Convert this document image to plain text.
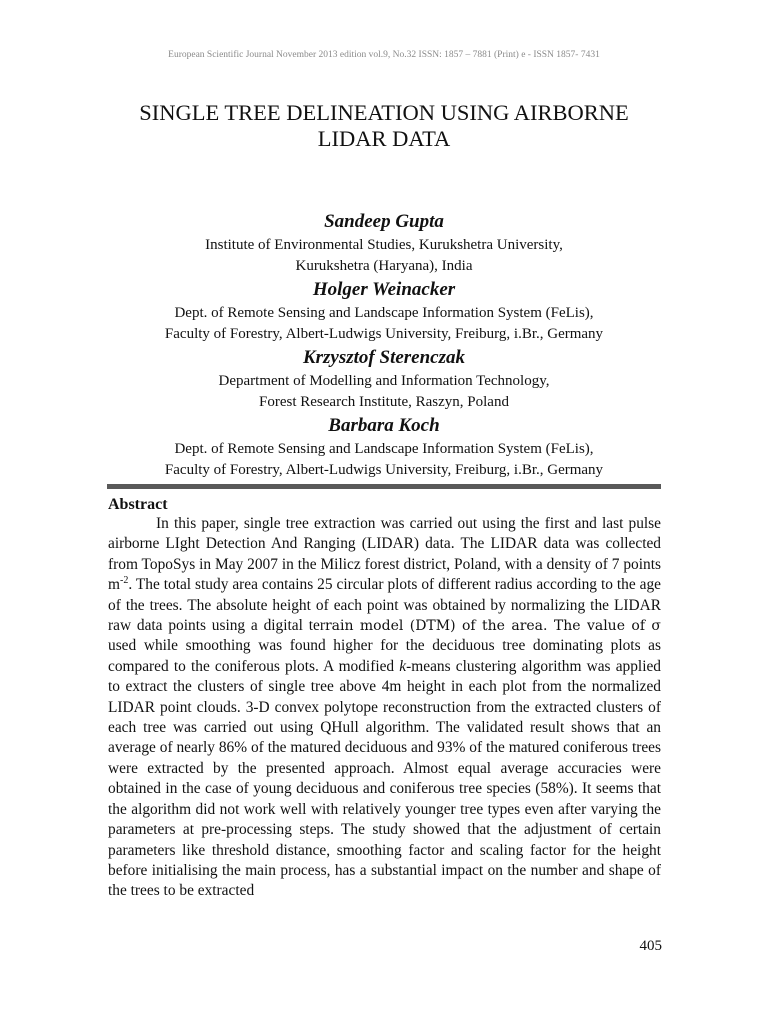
European Scientific Journal November 2013 edition vol.9, No.32 ISSN: 1857 – 7881 (Print) e - ISSN 1857- 7431
SINGLE TREE DELINEATION USING AIRBORNE
LIDAR DATA
Sandeep Gupta
Institute of Environmental Studies, Kurukshetra University,
Kurukshetra (Haryana), India
Holger Weinacker
Dept. of Remote Sensing and Landscape Information System (FeLis),
Faculty of Forestry, Albert-Ludwigs University, Freiburg, i.Br., Germany
Krzysztof Sterenczak
Department of Modelling and Information Technology,
Forest Research Institute, Raszyn, Poland
Barbara Koch
Dept. of Remote Sensing and Landscape Information System (FeLis),
Faculty of Forestry, Albert-Ludwigs University, Freiburg, i.Br., Germany
Abstract

In this paper, single tree extraction was carried out using the first and last pulse airborne LIght Detection And Ranging (LIDAR) data. The LIDAR data was collected from TopoSys in May 2007 in the Milicz forest district, Poland, with a density of 7 points $m^{-2}$. The total study area contains 25 circular plots of different radius according to the age of the trees. The absolute height of each point was obtained by normalizing the LIDAR raw data points using a digital terrain model (DTM) of the area. The value of σ used while smoothing was found higher for the deciduous tree dominating plots as compared to the coniferous plots. A modified k-means clustering algorithm was applied to extract the clusters of single tree above 4m height in each plot from the normalized LIDAR point clouds. 3-D convex polytope reconstruction from the extracted clusters of each tree was carried out using QHull algorithm. The validated result shows that an average of nearly 86% of the matured deciduous and 93% of the matured coniferous trees were extracted by the presented approach. Almost equal average accuracies were obtained in the case of young deciduous and coniferous tree species (58%). It seems that the algorithm did not work well with relatively younger tree types even after varying the parameters at pre-processing steps. The study showed that the adjustment of certain parameters like threshold distance, smoothing factor and scaling factor for the height before initialising the main process, has a substantial impact on the number and shape of the trees to be extracted

405
